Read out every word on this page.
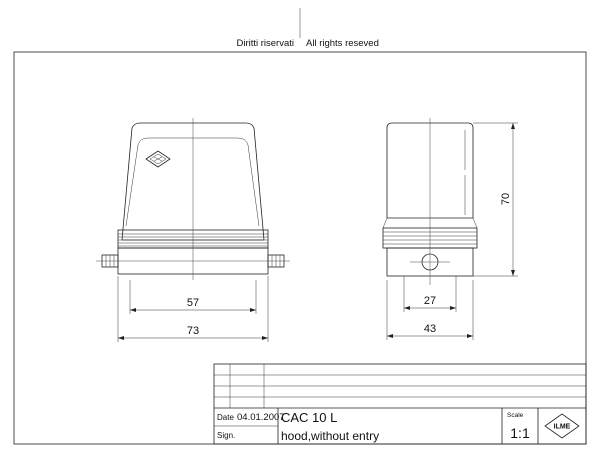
Diritti riservati All rights reseved
57
73
70
27
43
Date 04.01.2007
Sign.
CAC 10 L
hood,without entry
Scale
1:1	ILME
